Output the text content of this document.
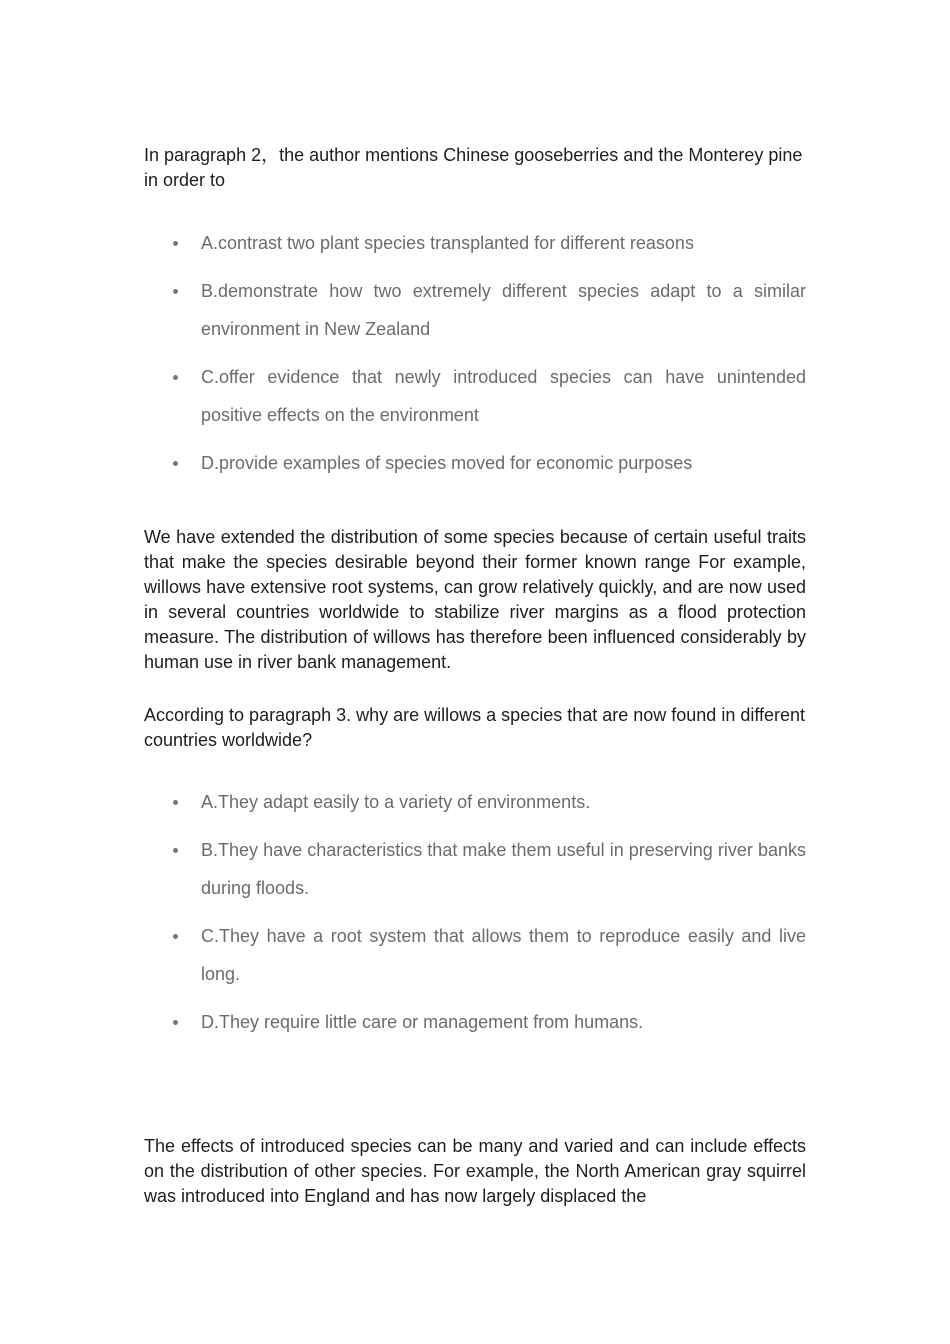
In paragraph 2，the author mentions Chinese gooseberries and the Monterey pine in order to

A.contrast two plant species transplanted for different reasons
B.demonstrate how two extremely different species adapt to a similar environment in New Zealand
C.offer evidence that newly introduced species can have unintended positive effects on the environment
D.provide examples of species moved for economic purposes

We have extended the distribution of some species because of certain useful traits that make the species desirable beyond their former known range For example, willows have extensive root systems, can grow relatively quickly, and are now used in several countries worldwide to stabilize river margins as a flood protection measure. The distribution of willows has therefore been influenced considerably by human use in river bank management.

According to paragraph 3. why are willows a species that are now found in different countries worldwide?

A.They adapt easily to a variety of environments.
B.They have characteristics that make them useful in preserving river banks during floods.
C.They have a root system that allows them to reproduce easily and live long.
D.They require little care or management from humans.

The effects of introduced species can be many and varied and can include effects on the distribution of other species. For example, the North American gray squirrel was introduced into England and has now largely displaced the
